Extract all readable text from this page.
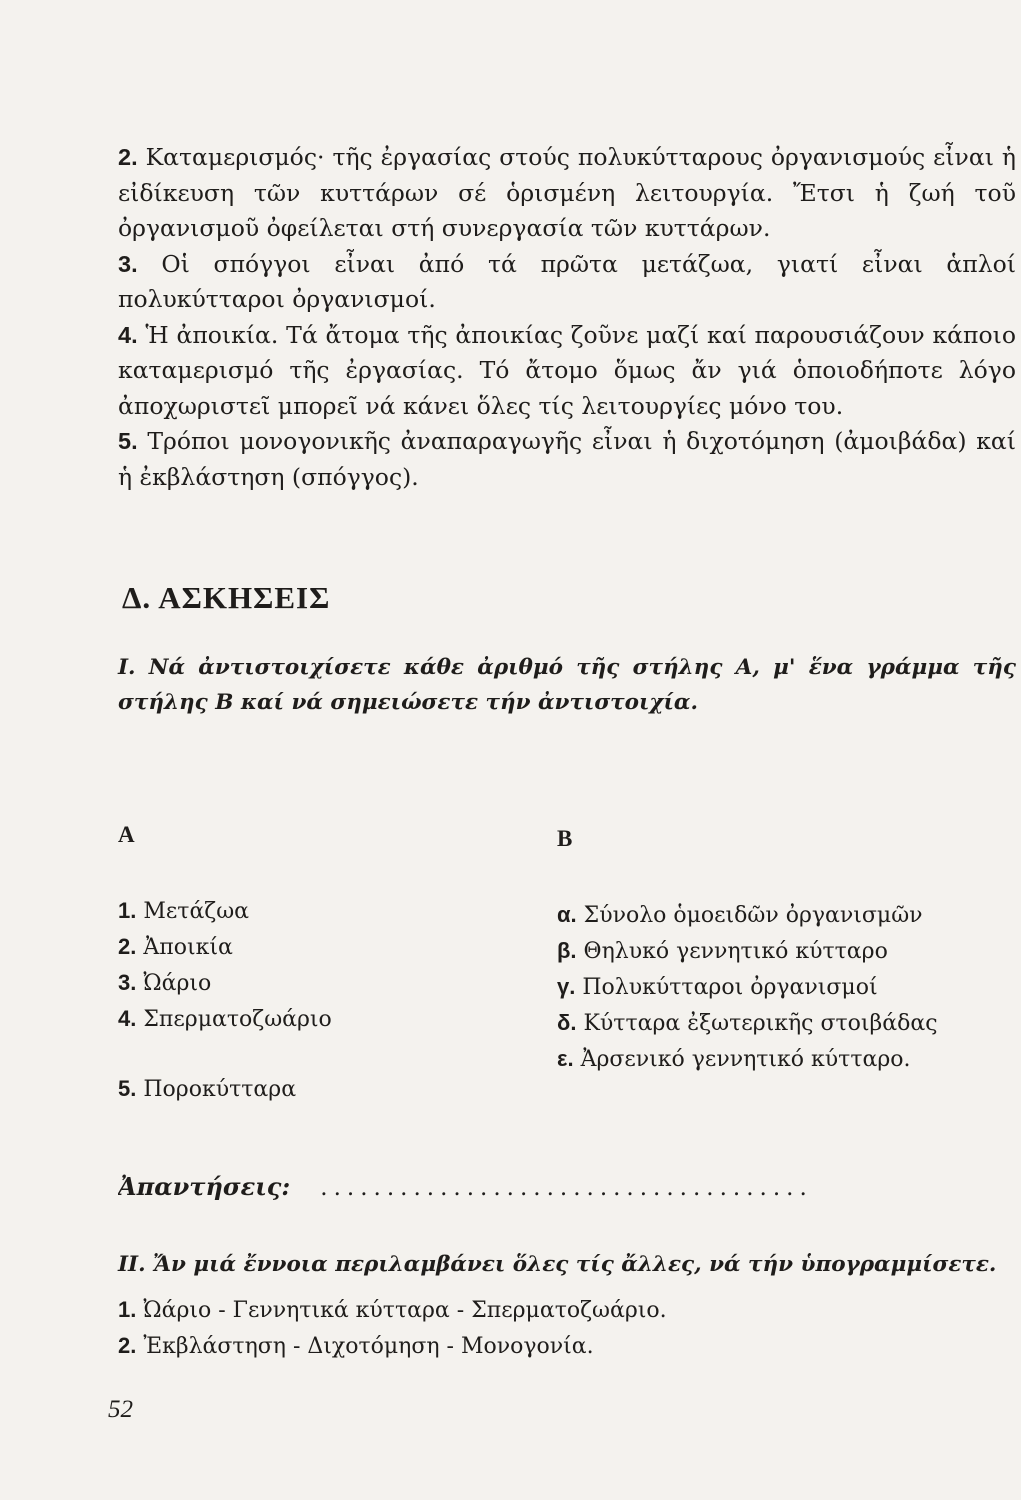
2. Καταμερισμός· τῆς ἐργασίας στούς πολυκύτταρους ὀργανισμούς εἶναι ἡ εἰδίκευση τῶν κυττάρων σέ ὁρισμένη λειτουργία. Ἔτσι ἡ ζωή τοῦ ὀργανισμοῦ ὀφείλεται στή συνεργασία τῶν κυττάρων.

3. Οἱ σπόγγοι εἶναι ἀπό τά πρῶτα μετάζωα, γιατί εἶναι ἁπλοί πολυκύτταροι ὀργανισμοί.

4. Ἡ ἀποικία. Τά ἄτομα τῆς ἀποικίας ζοῦνε μαζί καί παρουσιάζουν κάποιο καταμερισμό τῆς ἐργασίας. Τό ἄτομο ὅμως ἄν γιά ὁποιοδήποτε λόγο ἀποχωριστεῖ μπορεῖ νά κάνει ὅλες τίς λειτουργίες μόνο του.

5. Τρόποι μονογονικῆς ἀναπαραγωγῆς εἶναι ἡ διχοτόμηση (ἀμοιβάδα) καί ἡ ἐκβλάστηση (σπόγγος).

Δ. ΑΣΚΗΣΕΙΣ
I. Νά ἀντιστοιχίσετε κάθε ἀριθμό τῆς στήλης Α, μ' ἕνα γράμμα τῆς στήλης Β καί νά σημειώσετε τήν ἀντιστοιχία.
Α	Β
1. Μετάζωα
2. Ἀποικία
3. Ὠάριο
4. Σπερματοζωάριο
5. Ποροκύτταρα
α. Σύνολο ὁμοειδῶν ὀργανισμῶν
β. Θηλυκό γεννητικό κύτταρο
γ. Πολυκύτταροι ὀργανισμοί
δ. Κύτταρα ἐξωτερικῆς στοιβάδας
ε. Ἀρσενικό γεννητικό κύτταρο.
Ἀπαντήσεις: .....................................
II. Ἄν μιά ἔννοια περιλαμβάνει ὅλες τίς ἄλλες, νά τήν ὑπογραμμίσετε.
1. Ὠάριο - Γεννητικά κύτταρα - Σπερματοζωάριο.
2. Ἐκβλάστηση - Διχοτόμηση - Μονογονία.
52
